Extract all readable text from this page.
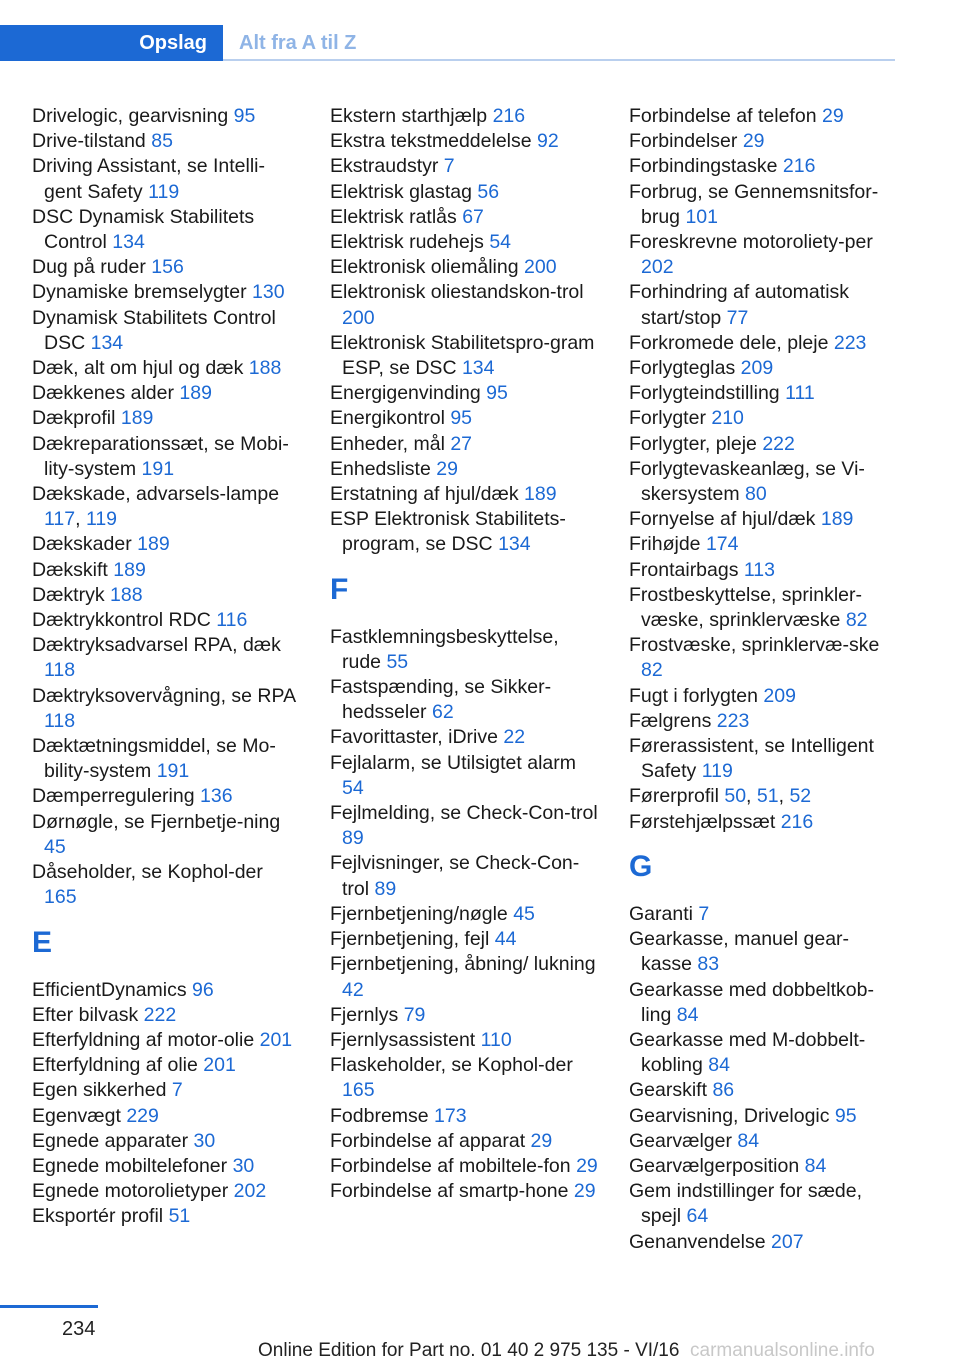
Opslag	Alt fra A til Z
Drivelogic, gearvisning 95
Drive-tilstand 85
Driving Assistant, se Intelli-gent Safety 119
DSC Dynamisk Stabilitets Control 134
Dug på ruder 156
Dynamiske bremselygter 130
Dynamisk Stabilitets Control DSC 134
Dæk, alt om hjul og dæk 188
Dækkenes alder 189
Dækprofil 189
Dækreparationssæt, se Mobi-lity-system 191
Dækskade, advarsels-lampe 117, 119
Dækskader 189
Dækskift 189
Dæktryk 188
Dæktrykkontrol RDC 116
Dæktryksadvarsel RPA, dæk 118
Dæktryksovervågning, se RPA 118
Dæktætningsmiddel, se Mo-bility-system 191
Dæmperregulering 136
Dørnøgle, se Fjernbetje-ning 45
Dåseholder, se Kophol-der 165
E
EfficientDynamics 96
Efter bilvask 222
Efterfyldning af motor-olie 201
Efterfyldning af olie 201
Egen sikkerhed 7
Egenvægt 229
Egnede apparater 30
Egnede mobiltelefoner 30
Egnede motorolietyper 202
Eksportér profil 51
Ekstern starthjælp 216
Ekstra tekstmeddelelse 92
Ekstraudstyr 7
Elektrisk glastag 56
Elektrisk ratlås 67
Elektrisk rudehejs 54
Elektronisk oliemåling 200
Elektronisk oliestandskon-trol 200
Elektronisk Stabilitetspro-gram ESP, se DSC 134
Energigenvinding 95
Energikontrol 95
Enheder, mål 27
Enhedsliste 29
Erstatning af hjul/dæk 189
ESP Elektronisk Stabilitets-program, se DSC 134
F
Fastklemningsbeskyttelse, rude 55
Fastspænding, se Sikker-hedsseler 62
Favorittaster, iDrive 22
Fejlalarm, se Utilsigtet alarm 54
Fejlmelding, se Check-Con-trol 89
Fejlvisninger, se Check-Con-trol 89
Fjernbetjening/nøgle 45
Fjernbetjening, fejl 44
Fjernbetjening, åbning/ lukning 42
Fjernlys 79
Fjernlysassistent 110
Flaskeholder, se Kophol-der 165
Fodbremse 173
Forbindelse af apparat 29
Forbindelse af mobiltele-fon 29
Forbindelse af smartp-hone 29
Forbindelse af telefon 29
Forbindelser 29
Forbindingstaske 216
Forbrug, se Gennemsnitsfor-brug 101
Foreskrevne motoroliety-per 202
Forhindring af automatisk start/stop 77
Forkromede dele, pleje 223
Forlygteglas 209
Forlygteindstilling 111
Forlygter 210
Forlygter, pleje 222
Forlygtevaskeanlæg, se Vi-skersystem 80
Fornyelse af hjul/dæk 189
Frihøjde 174
Frontairbags 113
Frostbeskyttelse, sprinkler-væske, sprinklervæske 82
Frostvæske, sprinklervæ-ske 82
Fugt i forlygten 209
Fælgrens 223
Førerassistent, se Intelligent Safety 119
Førerprofil 50, 51, 52
Førstehjælpssæt 216
G
Garanti 7
Gearkasse, manuel gear-kasse 83
Gearkasse med dobbeltkob-ling 84
Gearkasse med M-dobbelt-kobling 84
Gearskift 86
Gearvisning, Drivelogic 95
Gearvælger 84
Gearvælgerposition 84
Gem indstillinger for sæde, spejl 64
Genanvendelse 207
234
Online Edition for Part no. 01 40 2 975 135 - VI/16 carmanualsonline.info
